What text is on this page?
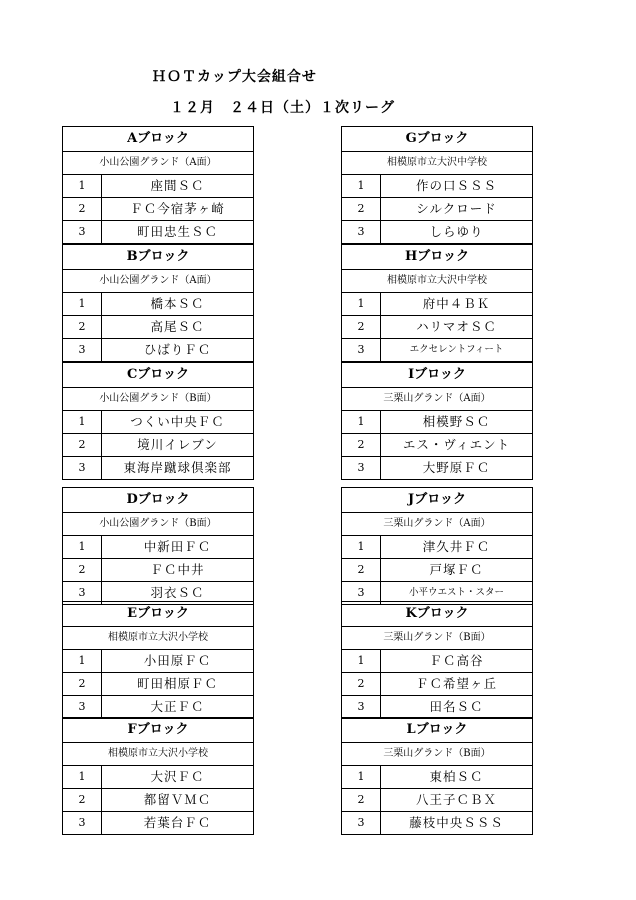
ＨＯＴカップ大会組合せ
１２月　２４日（土）１次リーグ
Aブロック
小山公園グランド（A面）
1	座間ＳＣ
2	ＦＣ今宿茅ヶ崎
3	町田忠生ＳＣ
Bブロック
小山公園グランド（A面）
1	橋本ＳＣ
2	高尾ＳＣ
3	ひばりＦＣ
Cブロック
小山公園グランド（B面）
1	つくい中央ＦＣ
2	境川イレブン
3	東海岸蹴球倶楽部
Dブロック
小山公園グランド（B面）
1	中新田ＦＣ
2	ＦＣ中井
3	羽衣ＳＣ
Eブロック
相模原市立大沢小学校
1	小田原ＦＣ
2	町田相原ＦＣ
3	大正ＦＣ
Fブロック
相模原市立大沢小学校
1	大沢ＦＣ
2	都留ＶＭＣ
3	若葉台ＦＣ
Gブロック
相模原市立大沢中学校
1	作の口ＳＳＳ
2	シルクロード
3	しらゆり
Hブロック
相模原市立大沢中学校
1	府中４ＢＫ
2	ハリマオＳＣ
3	エクセレントフィート
Iブロック
三栗山グランド（A面）
1	相模野ＳＣ
2	エス・ヴィエント
3	大野原ＦＣ
Jブロック
三栗山グランド（A面）
1	津久井ＦＣ
2	戸塚ＦＣ
3	小平ウエスト・スター
Kブロック
三栗山グランド（B面）
1	ＦＣ高谷
2	ＦＣ希望ヶ丘
3	田名ＳＣ
Lブロック
三栗山グランド（B面）
1	東柏ＳＣ
2	八王子ＣＢＸ
3	藤枝中央ＳＳＳ
